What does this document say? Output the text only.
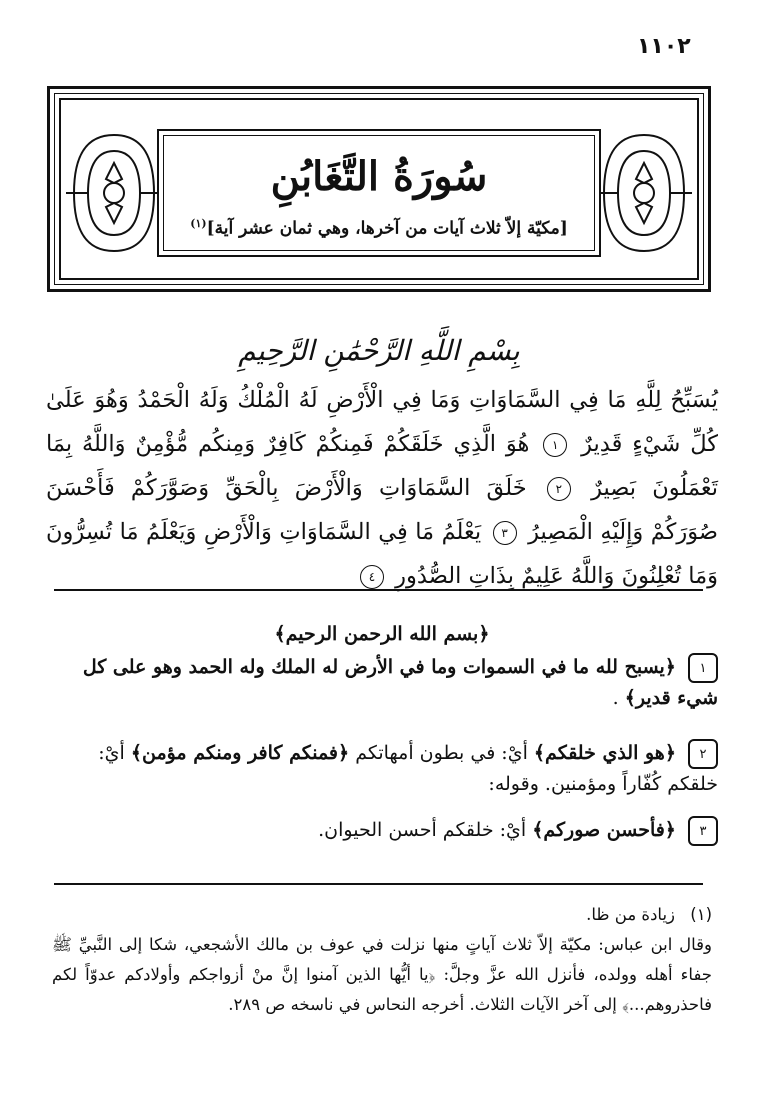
١١٠٢
سُورَةُ التَّغَابُنِ
[مكيّة إلاّ ثلاث آيات من آخرها، وهي ثمان عشر آية]$^{(١)}$
بِسْمِ اللَّهِ الرَّحْمَٰنِ الرَّحِيمِ

يُسَبِّحُ لِلَّهِ مَا فِي السَّمَاوَاتِ وَمَا فِي الْأَرْضِ لَهُ الْمُلْكُ وَلَهُ الْحَمْدُ وَهُوَ عَلَىٰ كُلِّ شَيْءٍ قَدِيرٌ ١ هُوَ الَّذِي خَلَقَكُمْ فَمِنكُمْ كَافِرٌ وَمِنكُم مُّؤْمِنٌ وَاللَّهُ بِمَا تَعْمَلُونَ بَصِيرٌ ٢ خَلَقَ السَّمَاوَاتِ وَالْأَرْضَ بِالْحَقِّ وَصَوَّرَكُمْ فَأَحْسَنَ صُوَرَكُمْ وَإِلَيْهِ الْمَصِيرُ ٣ يَعْلَمُ مَا فِي السَّمَاوَاتِ وَالْأَرْضِ وَيَعْلَمُ مَا تُسِرُّونَ وَمَا تُعْلِنُونَ وَاللَّهُ عَلِيمٌ بِذَاتِ الصُّدُورِ ٤

﴿بسم الله الرحمن الرحيم﴾
١ ﴿يسبح لله ما في السموات وما في الأرض له الملك وله الحمد وهو على كل شيء قدير﴾ .
٢ ﴿هو الذي خلقكم﴾ أيْ: في بطون أمهاتكم ﴿فمنكم كافر ومنكم مؤمن﴾ أيْ: خلقكم كُفّاراً ومؤمنين. وقوله:
٣ ﴿فأحسن صوركم﴾ أيْ: خلقكم أحسن الحيوان.

(١) زيادة من ظا.

وقال ابن عباس: مكيّة إلاّ ثلاث آياتٍ منها نزلت في عوف بن مالك الأشجعي، شكا إلى النَّبيِّ ﷺ جفاء أهله وولده، فأنزل الله عزَّ وجلَّ: ﴿يا أيُّها الذين آمنوا إنَّ منْ أزواجكم وأولادكم عدوّاً لكم فاحذروهم...﴾ إلى آخر الآيات الثلاث. أخرجه النحاس في ناسخه ص ٢٨٩.
